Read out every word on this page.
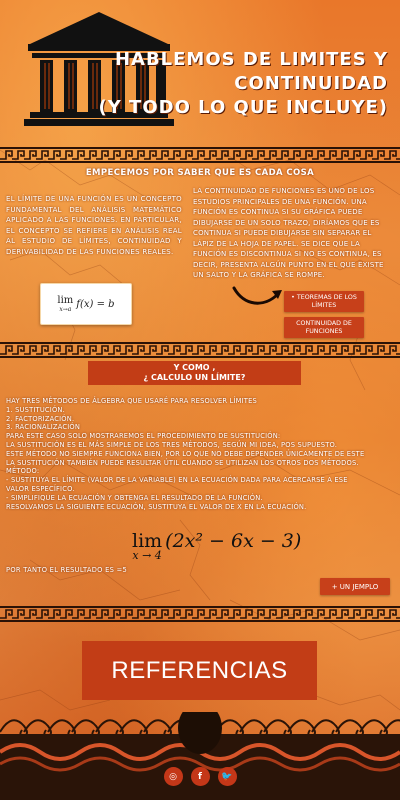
HABLEMOS DE LIMITES Y
CONTINUIDAD
(Y TODO LO QUE INCLUYE)
EMPECEMOS POR SABER QUE ES CADA COSA
EL LÍMITE DE UNA FUNCIÓN ES UN CONCEPTO FUNDAMENTAL DEL ANÁLISIS MATEMÁTICO APLICADO A LAS FUNCIONES. EN PARTICULAR, EL CONCEPTO SE REFIERE EN ANÁLISIS REAL AL ESTUDIO DE LÍMITES, CONTINUIDAD Y DERIVABILIDAD DE LAS FUNCIONES REALES.
LA CONTINUIDAD DE FUNCIONES ES UNO DE LOS ESTUDIOS PRINCIPALES DE UNA FUNCIÓN. UNA FUNCIÓN ES CONTINUA SI SU GRÁFICA PUEDE DIBUJARSE DE UN SOLO TRAZO, DIRÍAMOS QUE ES CONTINUA SI PUEDE DIBUJARSE SIN SEPARAR EL LÁPIZ DE LA HOJA DE PAPEL. SE DICE QUE LA FUNCIÓN ES DISCONTINUA SI NO ES CONTINUA, ES DECIR, PRESENTA ALGÚN PUNTO EN EL QUE EXISTE UN SALTO Y LA GRÁFICA SE ROMPE.
lim
x→a f(x) = b
• TEOREMAS DE LOS LÍMITES
CONTINUIDAD DE FUNCIONES
Y COMO ,
¿ CALCULO UN LÍMITE?
HAY TRES MÉTODOS DE ÁLGEBRA QUE USARÉ PARA RESOLVER LÍMITES
1. SUSTITUCIÓN.
2. FACTORIZACIÓN.
3. RACIONALIZACIÓN
PARA ESTE CASO SOLO MOSTRAREMOS EL PROCEDIMIENTO DE SUSTITUCIÓN:
LA SUSTITUCIÓN ES EL MÁS SIMPLE DE LOS TRES MÉTODOS, SEGÚN MI IDEA, POS SUPUESTO.
ESTE MÉTODO NO SIEMPRE FUNCIONA BIEN, POR LO QUE NO DEBE DEPENDER ÚNICAMENTE DE ESTE
LA SUSTITUCIÓN TAMBIÉN PUEDE RESULTAR ÚTIL CUANDO SE UTILIZAN LOS OTROS DOS MÉTODOS.
MÉTODO:
- SUSTITUYA EL LÍMITE (VALOR DE LA VARIABLE) EN LA ECUACIÓN DADA PARA ACERCARSE A ESE
VALOR ESPECÍFICO.
- SIMPLIFIQUE LA ECUACIÓN Y OBTENGA EL RESULTADO DE LA FUNCIÓN.
RESOLVAMOS LA SIGUIENTE ECUACIÓN, SUSTITUYA EL VALOR DE X EN LA ECUACIÓN.
lim
x → 4
(2x² − 6x − 3)
POR TANTO EL RESULTADO ES =5
+ UN JEMPLO
REFERENCIAS
◎	f	🐦
